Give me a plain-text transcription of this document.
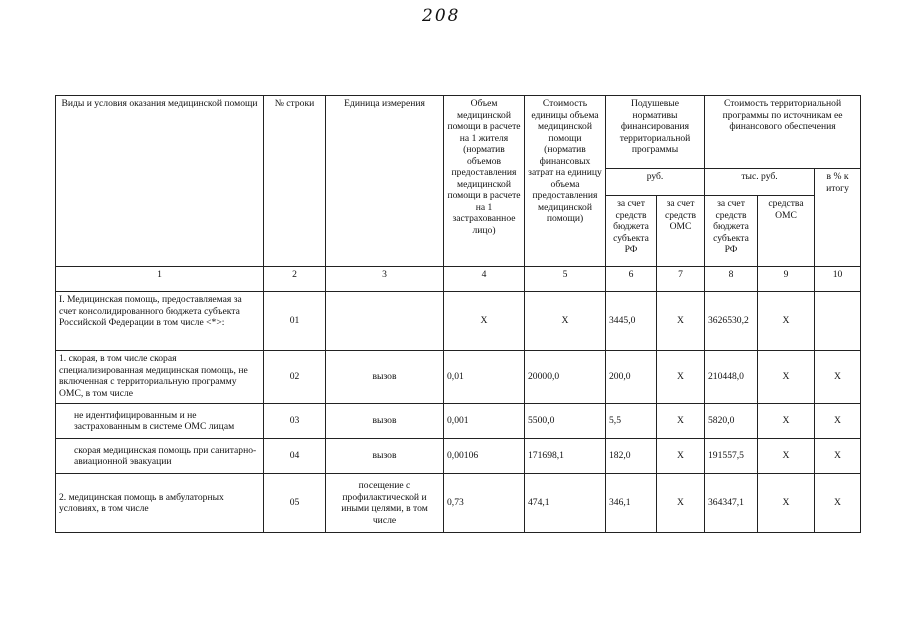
208
Виды и условия оказания медицинской помощи	№ строки	Единица измерения	Объем медицинской помощи в расчете на 1 жителя (норматив объемов предоставления медицинской помощи в расчете на 1 застрахованное лицо)	Стоимость единицы объема медицинской помощи (норматив финансовых затрат на единицу объема предоставления медицинской помощи)	Подушевые нормативы финансирования территориальной программы		Стоимость территориальной программы по источникам ее финансового обеспечения		
					руб.		тыс. руб.		в % к итогу
					за счет средств бюджета субъекта РФ	за счет средств ОМС	за счет средств бюджета субъекта РФ	средства ОМС	
1	2	3	4	5	6	7	8	9	10
I. Медицинская помощь, предоставляемая за счет консолидированного бюджета субъекта Российской Федерации в том числе <*>:	01		X	X	3445,0	X	3626530,2	X	
1. скорая, в том числе скорая специализированная медицинская помощь, не включенная с территориальную программу ОМС, в том числе	02	вызов	0,01	20000,0	200,0	X	210448,0	X	X
не идентифицированным и не застрахованным в системе ОМС лицам	03	вызов	0,001	5500,0	5,5	X	5820,0	X	X
скорая медицинская помощь при санитарно-авиационной эвакуации	04	вызов	0,00106	171698,1	182,0	X	191557,5	X	X
2. медицинская помощь в амбулаторных условиях, в том числе	05	посещение с профилактической и иными целями, в том числе	0,73	474,1	346,1	X	364347,1	X	X
